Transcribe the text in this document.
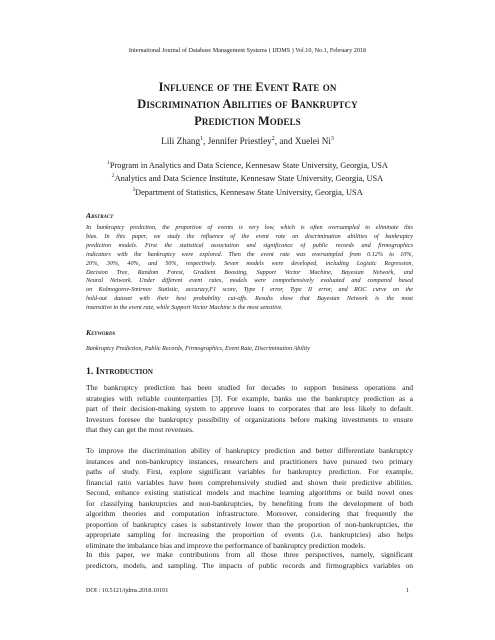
International Journal of Database Management Systems ( IJDMS ) Vol.10, No.1, February 2018
Influence of the Event Rate on
Discrimination Abilities of Bankruptcy
Prediction Models
Lili Zhang$^1$, Jennifer Priestley$^2$, and Xuelei Ni$^3$
$^1$Program in Analytics and Data Science, Kennesaw State University, Georgia, USA
$^2$Analytics and Data Science Institute, Kennesaw State University, Georgia, USA
$^3$Department of Statistics, Kennesaw State University, Georgia, USA
Abstract
In bankruptcy prediction, the proportion of events is very low, which is often oversampled to eliminate this
bias. In this paper, we study the influence of the event rate on discrimination abilities of bankruptcy
prediction models. First the statistical association and significance of public records and firmographics
indicators with the bankruptcy were explored. Then the event rate was oversampled from 0.12% to 10%,
20%, 30%, 40%, and 50%, respectively. Seven models were developed, including Logistic Regression,
Decision Tree, Random Forest, Gradient Boosting, Support Vector Machine, Bayesian Network, and
Neural Network. Under different event rates, models were comprehensively evaluated and compared based
on Kolmogorov-Smirnov Statistic, accuracy,F1 score, Type I error, Type II error, and ROC curve on the
hold-out dataset with their best probability cut-offs. Results show that Bayesian Network is the most
insensitive to the event rate, while Support Vector Machine is the most sensitive.
Keywords
Bankruptcy Prediction, Public Records, Firmographics, Event Rate, Discrimination Ability
1. Introduction
The bankruptcy prediction has been studied for decades to support business operations and
strategies with reliable counterparties [3]. For example, banks use the bankruptcy prediction as a
part of their decision-making system to approve loans to corporates that are less likely to default.
Investors foresee the bankruptcy possibility of organizations before making investments to ensure
that they can get the most revenues.
To improve the discrimination ability of bankruptcy prediction and better differentiate bankruptcy
instances and non-bankruptcy instances, researchers and practitioners have pursued two primary
paths of study. First, explore significant variables for bankruptcy prediction. For example,
financial ratio variables have been comprehensively studied and shown their predictive abilities.
Second, enhance existing statistical models and machine learning algorithms or build novel ones
for classifying bankruptcies and non-bankruptcies, by benefiting from the development of both
algorithm theories and computation infrastructure. Moreover, considering that frequently the
proportion of bankruptcy cases is substantively lower than the proportion of non-bankruptcies, the
appropriate sampling for increasing the proportion of events (i.e. bankruptcies) also helps
eliminate the imbalance bias and improve the performance of bankruptcy prediction models.
In this paper, we make contributions from all those three perspectives, namely, significant
predictors, models, and sampling. The impacts of public records and firmographics variables on
DOI : 10.5121/ijdms.2018.10101	1
